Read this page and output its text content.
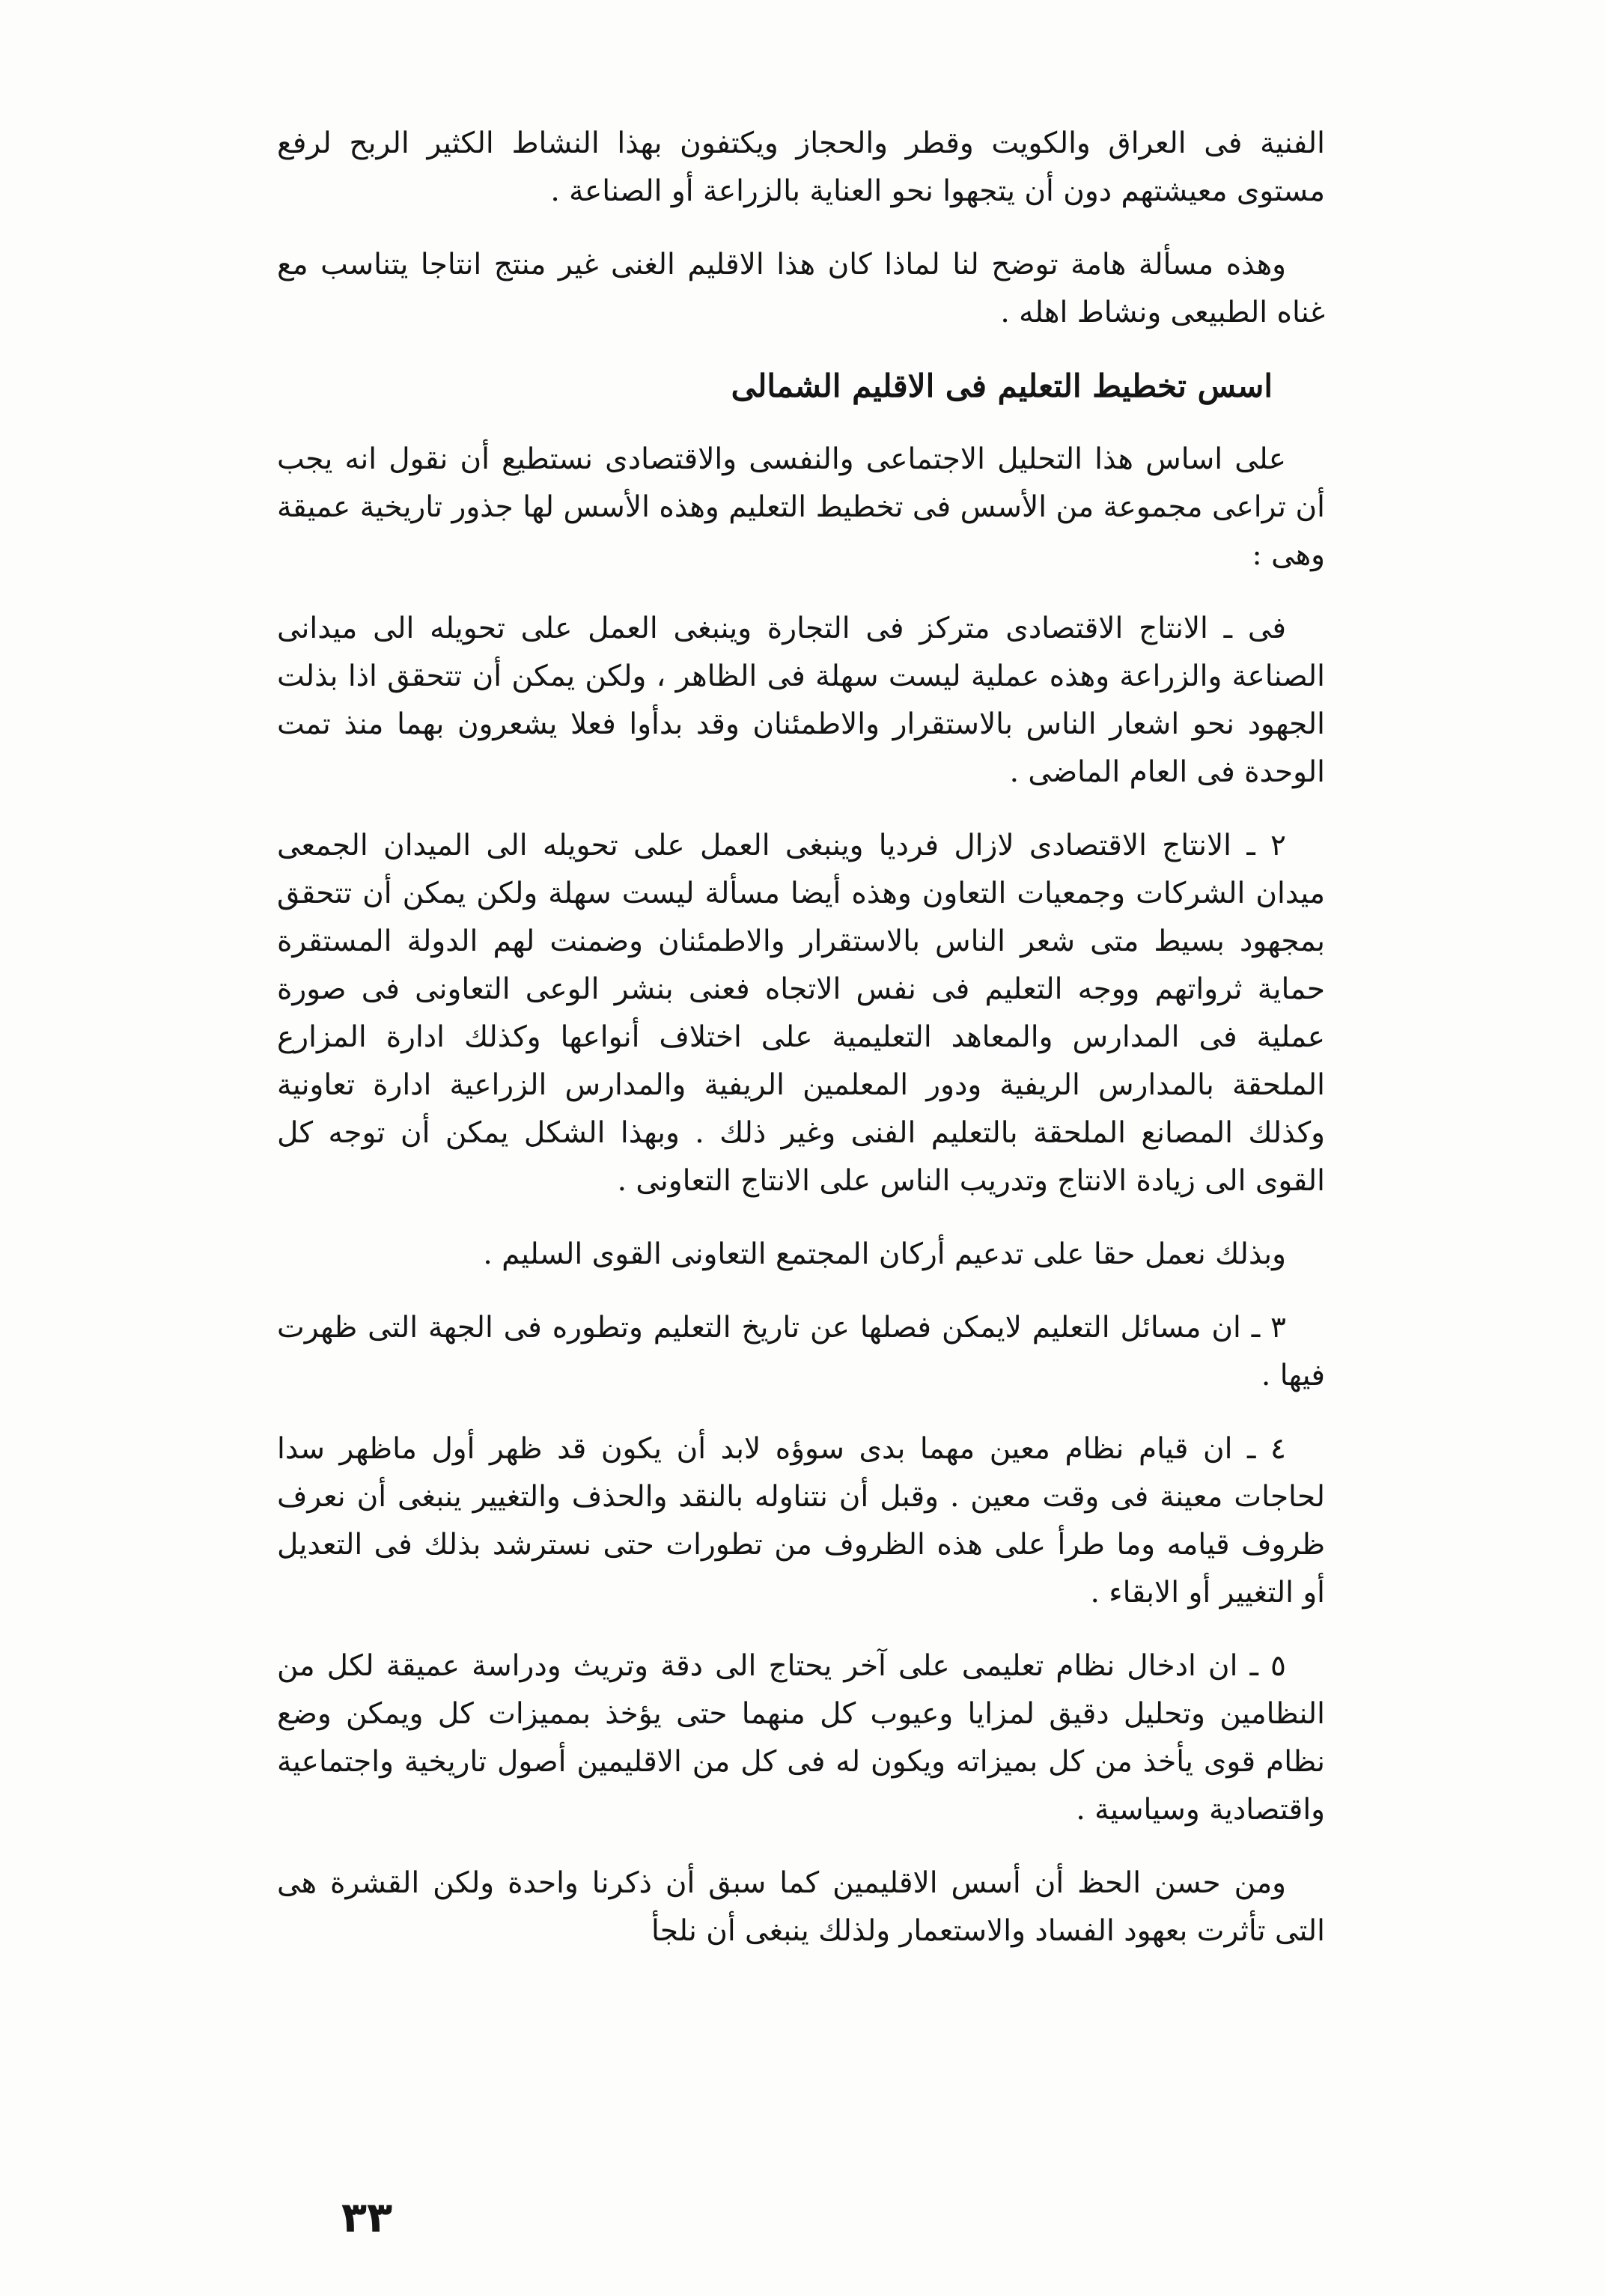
الفنية فى العراق والكويت وقطر والحجاز ويكتفون بهذا النشاط الكثير الربح لرفع مستوى معيشتهم دون أن يتجهوا نحو العناية بالزراعة أو الصناعة .

وهذه مسألة هامة توضح لنا لماذا كان هذا الاقليم الغنى غير منتج انتاجا يتناسب مع غناه الطبيعى ونشاط اهله .

اسس تخطيط التعليم فى الاقليم الشمالى

على اساس هذا التحليل الاجتماعى والنفسى والاقتصادى نستطيع أن نقول انه يجب أن تراعى مجموعة من الأسس فى تخطيط التعليم وهذه الأسس لها جذور تاريخية عميقة وهى :

فى ـ الانتاج الاقتصادى متركز فى التجارة وينبغى العمل على تحويله الى ميدانى الصناعة والزراعة وهذه عملية ليست سهلة فى الظاهر ، ولكن يمكن أن تتحقق اذا بذلت الجهود نحو اشعار الناس بالاستقرار والاطمئنان وقد بدأوا فعلا يشعرون بهما منذ تمت الوحدة فى العام الماضى .

٢ ـ الانتاج الاقتصادى لازال فرديا وينبغى العمل على تحويله الى الميدان الجمعى ميدان الشركات وجمعيات التعاون وهذه أيضا مسألة ليست سهلة ولكن يمكن أن تتحقق بمجهود بسيط متى شعر الناس بالاستقرار والاطمئنان وضمنت لهم الدولة المستقرة حماية ثرواتهم ووجه التعليم فى نفس الاتجاه فعنى بنشر الوعى التعاونى فى صورة عملية فى المدارس والمعاهد التعليمية على اختلاف أنواعها وكذلك ادارة المزارع الملحقة بالمدارس الريفية ودور المعلمين الريفية والمدارس الزراعية ادارة تعاونية وكذلك المصانع الملحقة بالتعليم الفنى وغير ذلك . وبهذا الشكل يمكن أن توجه كل القوى الى زيادة الانتاج وتدريب الناس على الانتاج التعاونى .

وبذلك نعمل حقا على تدعيم أركان المجتمع التعاونى القوى السليم .

٣ ـ ان مسائل التعليم لايمكن فصلها عن تاريخ التعليم وتطوره فى الجهة التى ظهرت فيها .

٤ ـ ان قيام نظام معين مهما بدى سوؤه لابد أن يكون قد ظهر أول ماظهر سدا لحاجات معينة فى وقت معين . وقبل أن نتناوله بالنقد والحذف والتغيير ينبغى أن نعرف ظروف قيامه وما طرأ على هذه الظروف من تطورات حتى نسترشد بذلك فى التعديل أو التغيير أو الابقاء .

٥ ـ ان ادخال نظام تعليمى على آخر يحتاج الى دقة وتريث ودراسة عميقة لكل من النظامين وتحليل دقيق لمزايا وعيوب كل منهما حتى يؤخذ بمميزات كل ويمكن وضع نظام قوى يأخذ من كل بميزاته ويكون له فى كل من الاقليمين أصول تاريخية واجتماعية واقتصادية وسياسية .

ومن حسن الحظ أن أسس الاقليمين كما سبق أن ذكرنا واحدة ولكن القشرة هى التى تأثرت بعهود الفساد والاستعمار ولذلك ينبغى أن نلجأ

٣٣
